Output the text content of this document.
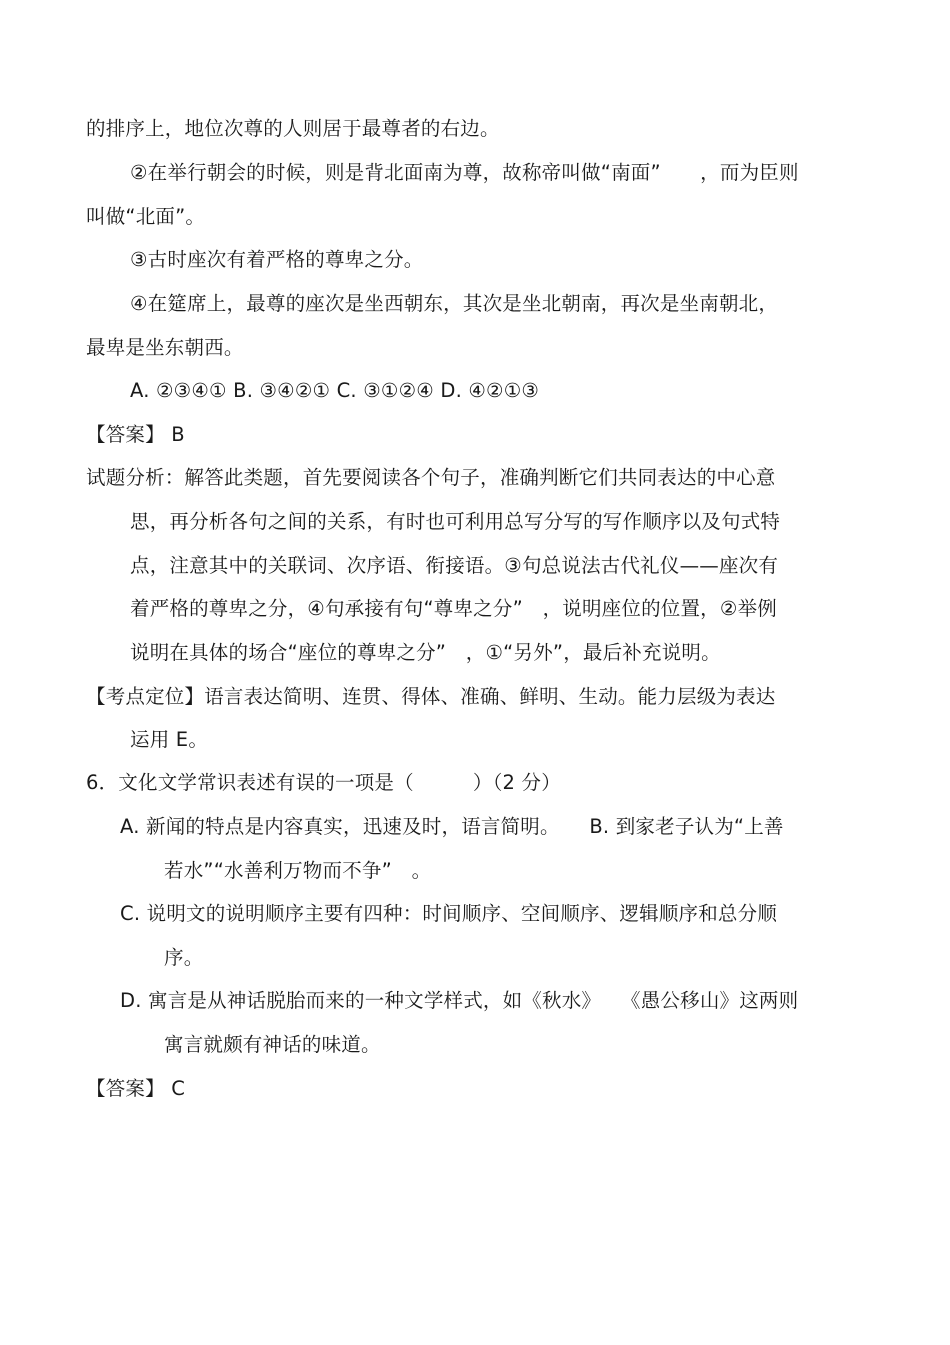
的排序上，地位次尊的人则居于最尊者的右边。
②在举行朝会的时候，则是背北面南为尊，故称帝叫做“南面”　　，而为臣则
叫做“北面”。
③古时座次有着严格的尊卑之分。
④在筵席上，最尊的座次是坐西朝东，其次是坐北朝南，再次是坐南朝北，
最卑是坐东朝西。
A. ②③④① B. ③④②① C. ③①②④ D. ④②①③
【答案】 B
试题分析：解答此类题，首先要阅读各个句子，准确判断它们共同表达的中心意
思，再分析各句之间的关系，有时也可利用总写分写的写作顺序以及句式特
点，注意其中的关联词、次序语、衔接语。③句总说法古代礼仪——座次有
着严格的尊卑之分，④句承接有句“尊卑之分”　，说明座位的位置，②举例
说明在具体的场合“座位的尊卑之分”　，①“另外”，最后补充说明。
【考点定位】语言表达简明、连贯、得体、准确、鲜明、生动。能力层级为表达
运用 E。
6．文化文学常识表述有误的一项是（　　　）（2 分）
A. 新闻的特点是内容真实，迅速及时，语言简明。　　B. 到家老子认为“上善
若水”“水善利万物而不争”　。
C. 说明文的说明顺序主要有四种：时间顺序、空间顺序、逻辑顺序和总分顺
序。
D. 寓言是从神话脱胎而来的一种文学样式，如《秋水》　　《愚公移山》这两则
寓言就颇有神话的味道。
【答案】 C
